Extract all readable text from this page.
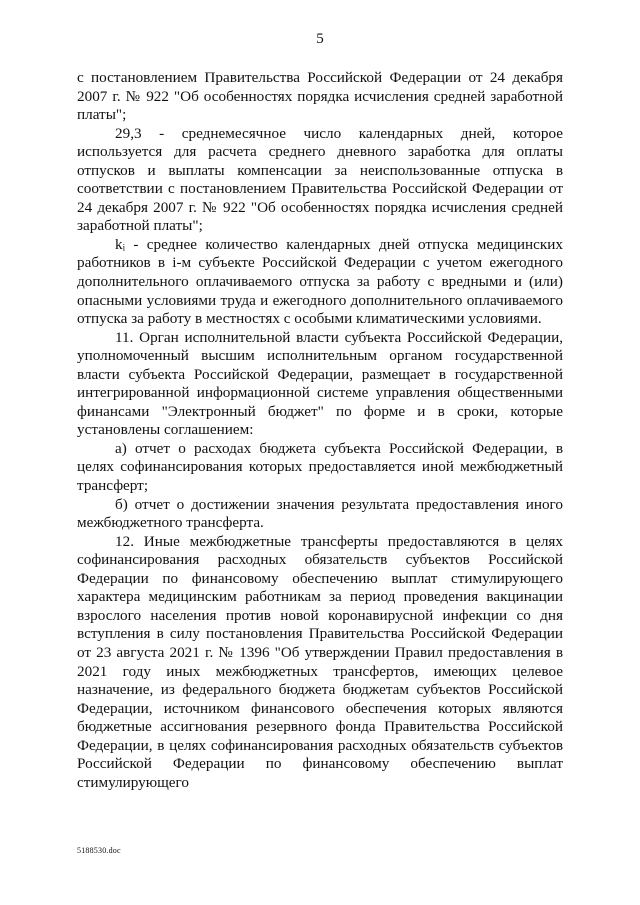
5

с постановлением Правительства Российской Федерации от 24 декабря 2007 г. № 922 "Об особенностях порядка исчисления средней заработной платы";

29,3 - среднемесячное число календарных дней, которое используется для расчета среднего дневного заработка для оплаты отпусков и выплаты компенсации за неиспользованные отпуска в соответствии с постановлением Правительства Российской Федерации от 24 декабря 2007 г. № 922 "Об особенностях порядка исчисления средней заработной платы";

kᵢ - среднее количество календарных дней отпуска медицинских работников в i-м субъекте Российской Федерации с учетом ежегодного дополнительного оплачиваемого отпуска за работу с вредными и (или) опасными условиями труда и ежегодного дополнительного оплачиваемого отпуска за работу в местностях с особыми климатическими условиями.

11. Орган исполнительной власти субъекта Российской Федерации, уполномоченный высшим исполнительным органом государственной власти субъекта Российской Федерации, размещает в государственной интегрированной информационной системе управления общественными финансами "Электронный бюджет" по форме и в сроки, которые установлены соглашением:

а) отчет о расходах бюджета субъекта Российской Федерации, в целях софинансирования которых предоставляется иной межбюджетный трансферт;

б) отчет о достижении значения результата предоставления иного межбюджетного трансферта.

12. Иные межбюджетные трансферты предоставляются в целях софинансирования расходных обязательств субъектов Российской Федерации по финансовому обеспечению выплат стимулирующего характера медицинским работникам за период проведения вакцинации взрослого населения против новой коронавирусной инфекции со дня вступления в силу постановления Правительства Российской Федерации от 23 августа 2021 г. № 1396 "Об утверждении Правил предоставления в 2021 году иных межбюджетных трансфертов, имеющих целевое назначение, из федерального бюджета бюджетам субъектов Российской Федерации, источником финансового обеспечения которых являются бюджетные ассигнования резервного фонда Правительства Российской Федерации, в целях софинансирования расходных обязательств субъектов Российской Федерации по финансовому обеспечению выплат стимулирующего

5188530.doc
